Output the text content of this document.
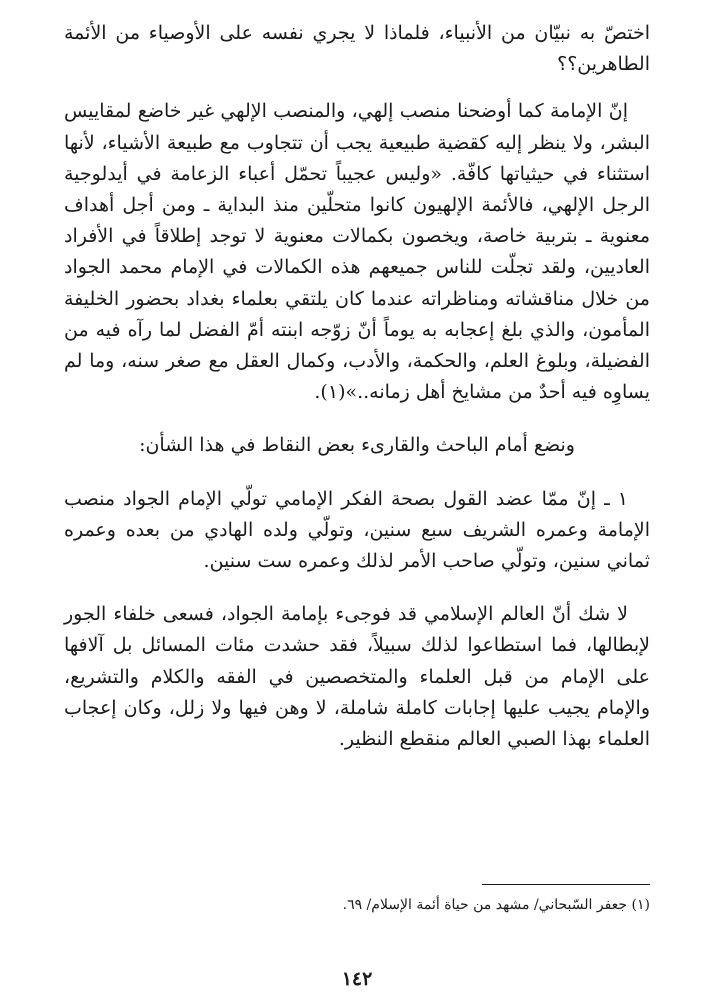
اختصّ به نبيّان من الأنبياء، فلماذا لا يجري نفسه على الأوصياء من الأئمة الطاهرين؟؟

إنّ الإمامة كما أوضحنا منصب إلهي، والمنصب الإلهي غير خاضع لمقاييس البشر، ولا ينظر إليه كقضية طبيعية يجب أن تتجاوب مع طبيعة الأشياء، لأنها استثناء في حيثياتها كافّة. «وليس عجيباً تحمّل أعباء الزعامة في أيدلوجية الرجل الإلهي، فالأئمة الإلهيون كانوا متحلّين منذ البداية ـ ومن أجل أهداف معنوية ـ بتربية خاصة، ويخصون بكمالات معنوية لا توجد إطلاقاً في الأفراد العاديين، ولقد تجلّت للناس جميعهم هذه الكمالات في الإمام محمد الجواد من خلال مناقشاته ومناظراته عندما كان يلتقي بعلماء بغداد بحضور الخليفة المأمون، والذي بلغ إعجابه به يوماً أنّ زوّجه ابنته أمّ الفضل لما رآه فيه من الفضيلة، وبلوغ العلم، والحكمة، والأدب، وكمال العقل مع صغر سنه، وما لم يساوِه فيه أحدٌ من مشايخ أهل زمانه..»(١).

ونضع أمام الباحث والقارىء بعض النقاط في هذا الشأن:

١ ـ إنّ ممّا عضد القول بصحة الفكر الإمامي تولّي الإمام الجواد منصب الإمامة وعمره الشريف سبع سنين، وتولّي ولده الهادي من بعده وعمره ثماني سنين، وتولّي صاحب الأمر لذلك وعمره ست سنين.

لا شك أنّ العالم الإسلامي قد فوجىء بإمامة الجواد، فسعى خلفاء الجور لإبطالها، فما استطاعوا لذلك سبيلاً، فقد حشدت مئات المسائل بل آلافها على الإمام من قبل العلماء والمتخصصين في الفقه والكلام والتشريع، والإمام يجيب عليها إجابات كاملة شاملة، لا وهن فيها ولا زلل، وكان إعجاب العلماء بهذا الصبي العالم منقطع النظير.

(١) جعفر السّبحاني/ مشهد من حياة أئمة الإسلام/ ٦٩.

١٤٢
